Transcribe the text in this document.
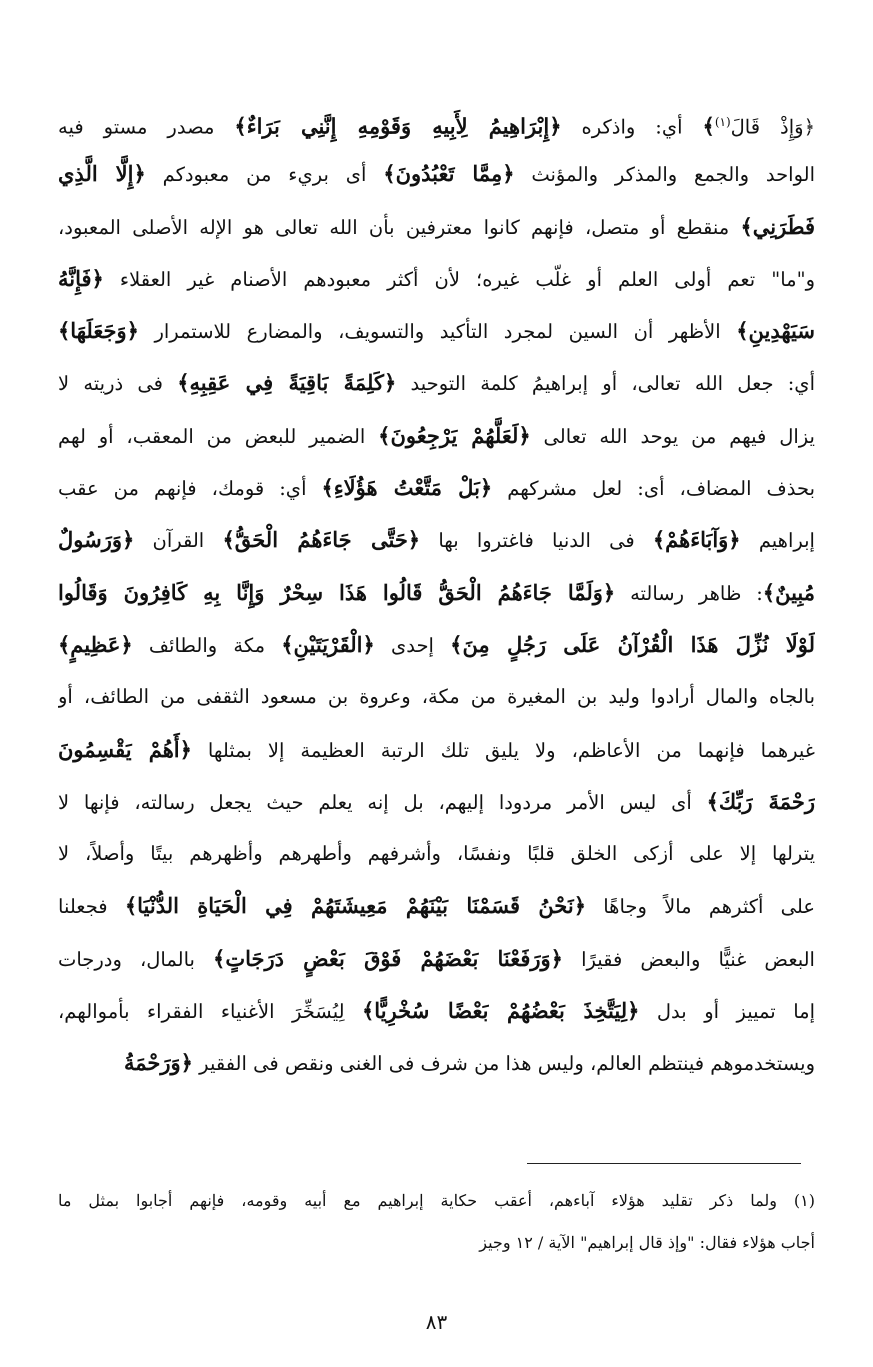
﴿وَإِذْ قَالَ$^{(١)}$﴾ أي: واذكره ﴿إِبْرَاهِيمُ لِأَبِيهِ وَقَوْمِهِ إِنَّنِي بَرَاءٌ﴾ مصدر مستو فيه
الواحد والجمع والمذكر والمؤنث ﴿مِمَّا تَعْبُدُونَ﴾ أى بريء من معبودكم ﴿إِلَّا الَّذِي
فَطَرَنِي﴾ منقطع أو متصل، فإنهم كانوا معترفين بأن الله تعالى هو الإله الأصلى المعبود،
و"ما" تعم أولى العلم أو غلّب غيره؛ لأن أكثر معبودهم الأصنام غير العقلاء ﴿فَإِنَّهُ
سَيَهْدِينِ﴾ الأظهر أن السين لمجرد التأكيد والتسويف، والمضارع للاستمرار ﴿وَجَعَلَهَا﴾
أي: جعل الله تعالى، أو إبراهيمُ كلمة التوحيد ﴿كَلِمَةً بَاقِيَةً فِي عَقِبِهِ﴾ فى ذريته لا
يزال فيهم من يوحد الله تعالى ﴿لَعَلَّهُمْ يَرْجِعُونَ﴾ الضمير للبعض من المعقب، أو لهم
بحذف المضاف، أى: لعل مشركهم ﴿بَلْ مَتَّعْتُ هَؤُلَاءِ﴾ أي: قومك، فإنهم من عقب
إبراهيم ﴿وَآبَاءَهُمْ﴾ فى الدنيا فاغتروا بها ﴿حَتَّى جَاءَهُمُ الْحَقُّ﴾ القرآن ﴿وَرَسُولٌ
مُبِينٌ﴾: ظاهر رسالته ﴿وَلَمَّا جَاءَهُمُ الْحَقُّ قَالُوا هَذَا سِحْرٌ وَإِنَّا بِهِ كَافِرُونَ وَقَالُوا
لَوْلَا نُزِّلَ هَذَا الْقُرْآنُ عَلَى رَجُلٍ مِنَ﴾ إحدى ﴿الْقَرْيَتَيْنِ﴾ مكة والطائف ﴿عَظِيمٍ﴾
بالجاه والمال أرادوا وليد بن المغيرة من مكة، وعروة بن مسعود الثقفى من الطائف، أو
غيرهما فإنهما من الأعاظم، ولا يليق تلك الرتبة العظيمة إلا بمثلها ﴿أَهُمْ يَقْسِمُونَ
رَحْمَةَ رَبِّكَ﴾ أى ليس الأمر مردودا إليهم، بل إنه يعلم حيث يجعل رسالته، فإنها لا
يترلها إلا على أزكى الخلق قلبًا ونفسًا، وأشرفهم وأطهرهم وأظهرهم بيتًا وأصلاً، لا
على أكثرهم مالاً وجاهًا ﴿نَحْنُ قَسَمْنَا بَيْنَهُمْ مَعِيشَتَهُمْ فِي الْحَيَاةِ الدُّنْيَا﴾ فجعلنا
البعض غنيًّا والبعض فقيرًا ﴿وَرَفَعْنَا بَعْضَهُمْ فَوْقَ بَعْضٍ دَرَجَاتٍ﴾ بالمال، ودرجات
إما تمييز أو بدل ﴿لِيَتَّخِذَ بَعْضُهُمْ بَعْضًا سُخْرِيًّا﴾ لِيُسَخِّرَ الأغنياء الفقراء بأموالهم،
ويستخدموهم فينتظم العالم، وليس هذا من شرف فى الغنى ونقص فى الفقير ﴿وَرَحْمَةُ
(١) ولما ذكر تقليد هؤلاء آباءهم، أعقب حكاية إبراهيم مع أبيه وقومه، فإنهم أجابوا بمثل ما
أجاب هؤلاء فقال: "وإذ قال إبراهيم" الآية / ١٢ وجيز
٨٣
